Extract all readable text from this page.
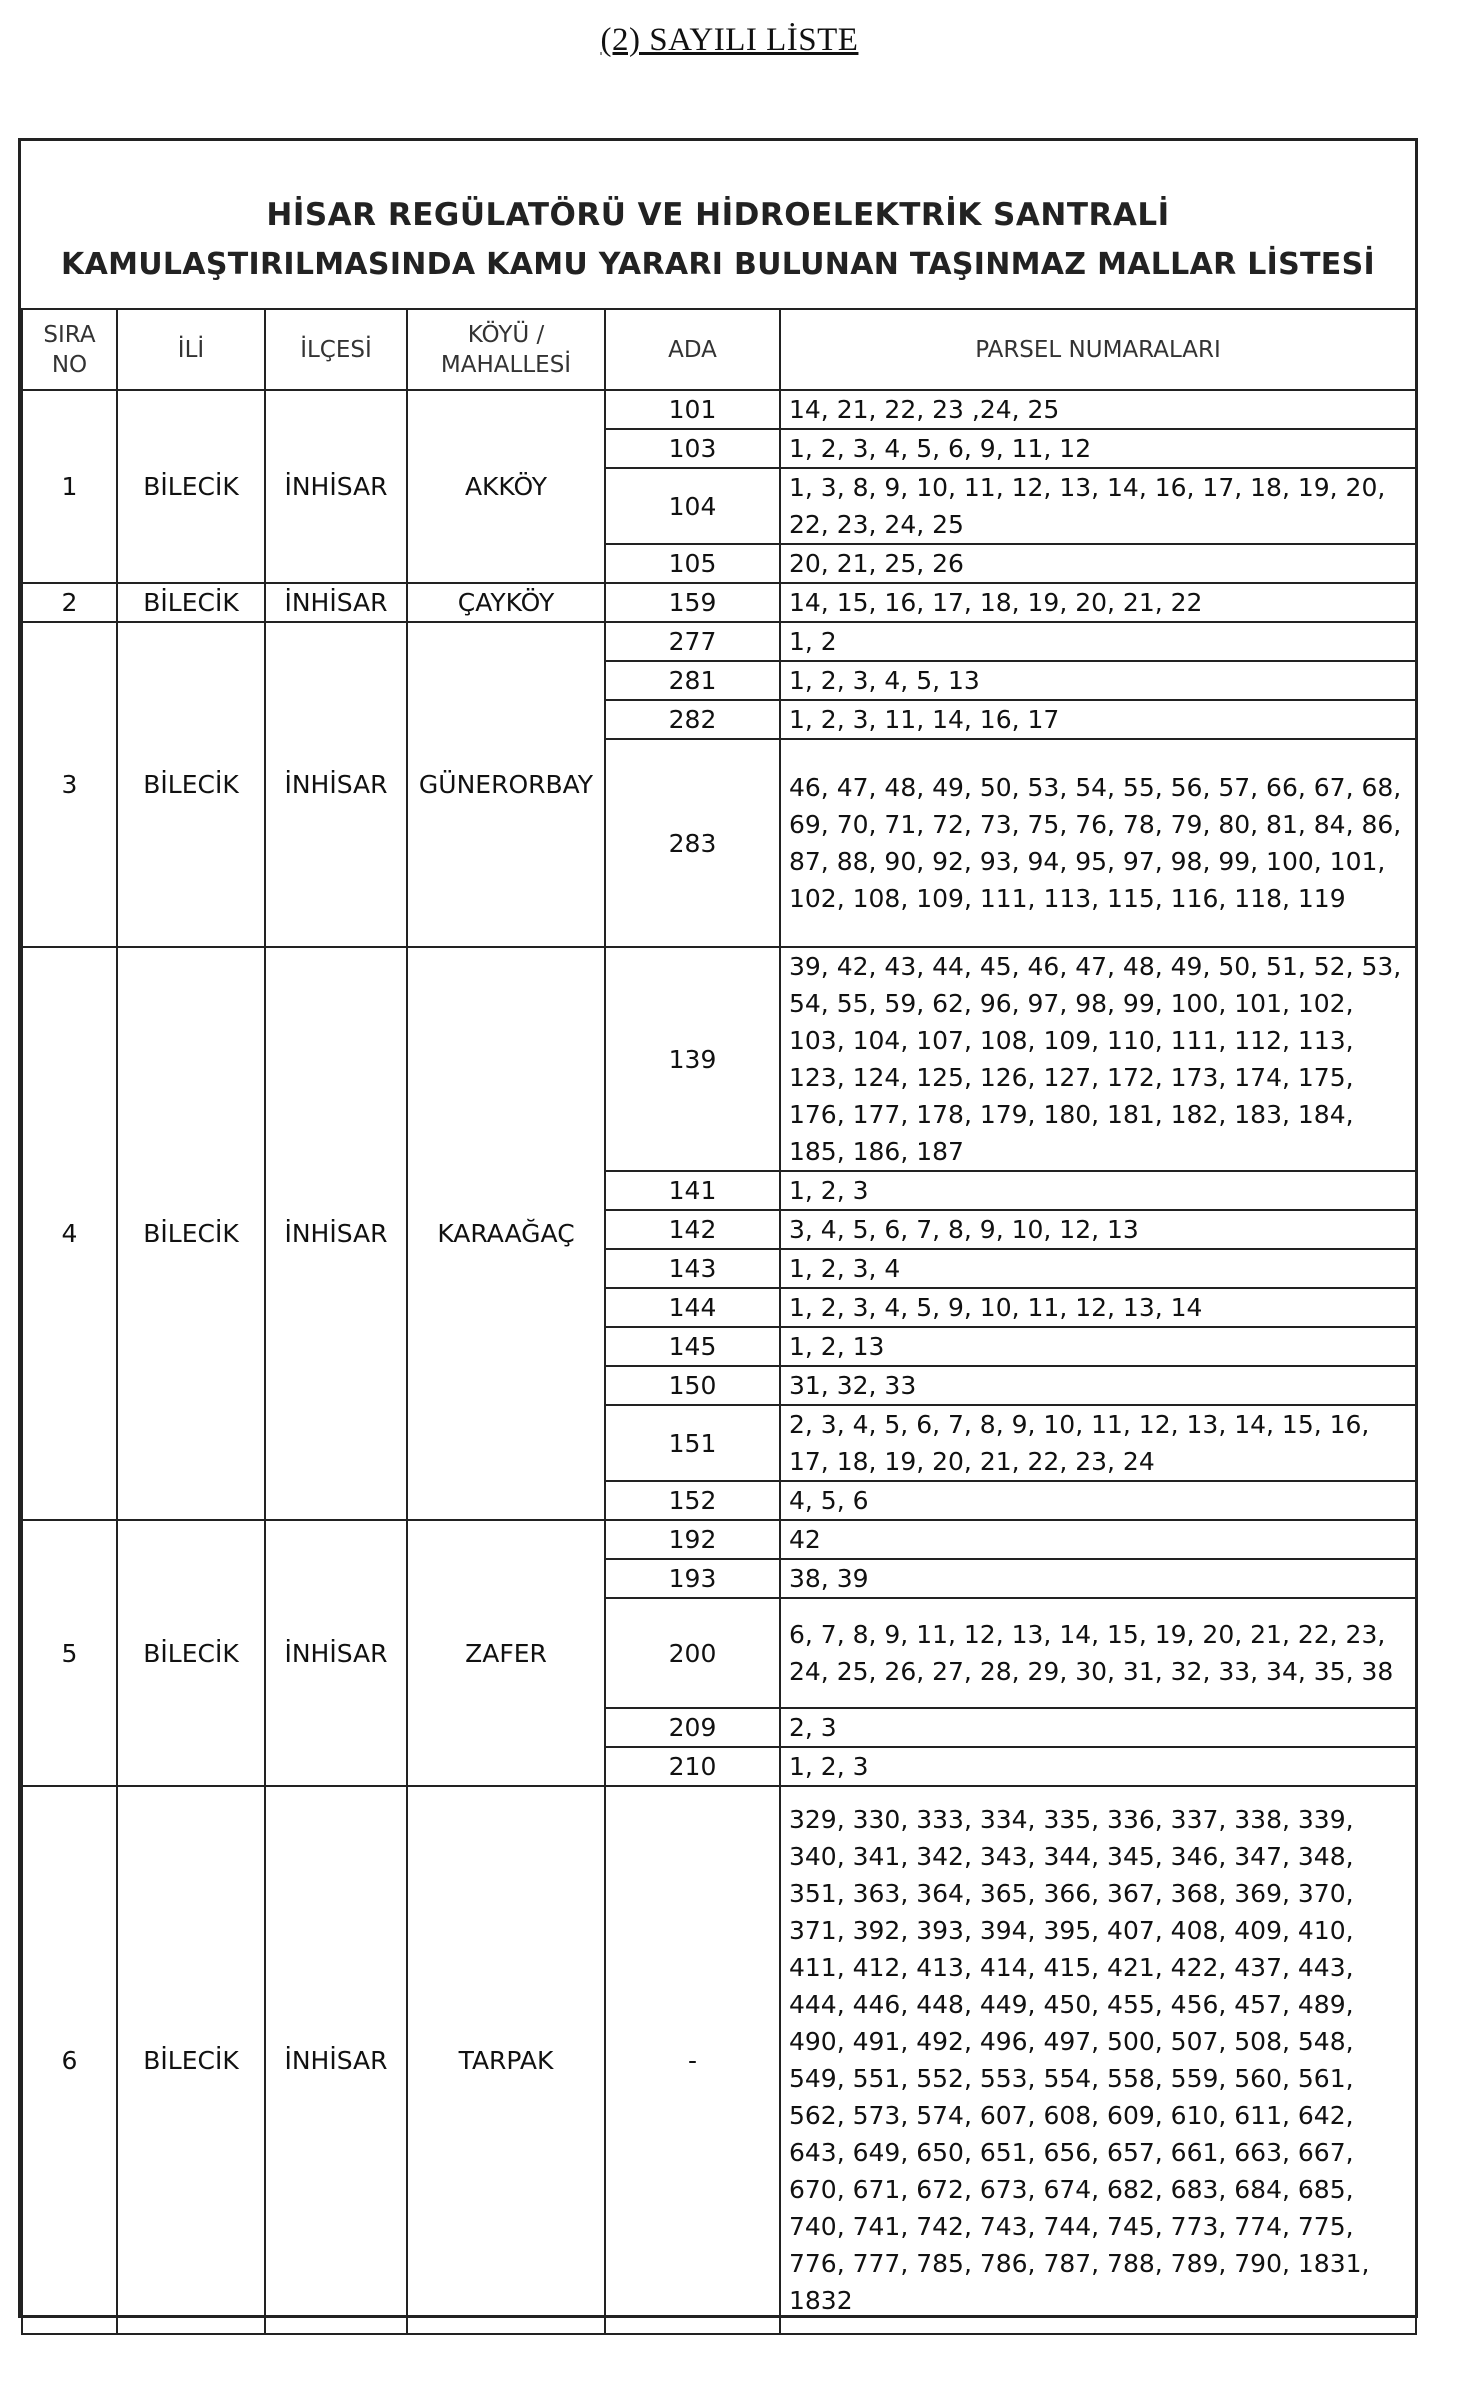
(2) SAYILI LİSTE
HİSAR REGÜLATÖRÜ VE HİDROELEKTRİK SANTRALİ
KAMULAŞTIRILMASINDA KAMU YARARI BULUNAN TAŞINMAZ MALLAR LİSTESİ
SIRA NO	İLİ	İLÇESİ	KÖYÜ / MAHALLESİ	ADA	PARSEL NUMARALARI
1	BİLECİK	İNHİSAR	AKKÖY	101	14, 21, 22, 23 ,24, 25
				103	1, 2, 3, 4, 5, 6, 9, 11, 12
				104	1, 3, 8, 9, 10, 11, 12, 13, 14, 16, 17, 18, 19, 20, 22, 23, 24, 25
				105	20, 21, 25, 26
2	BİLECİK	İNHİSAR	ÇAYKÖY	159	14, 15, 16, 17, 18, 19, 20, 21, 22
3	BİLECİK	İNHİSAR	GÜNERORBAY	277	1, 2
				281	1, 2, 3, 4, 5, 13
				282	1, 2, 3, 11, 14, 16, 17
				283	46, 47, 48, 49, 50, 53, 54, 55, 56, 57, 66, 67, 68, 69, 70, 71, 72, 73, 75, 76, 78, 79, 80, 81, 84, 86, 87, 88, 90, 92, 93, 94, 95, 97, 98, 99, 100, 101, 102, 108, 109, 111, 113, 115, 116, 118, 119
4	BİLECİK	İNHİSAR	KARAAĞAÇ	139	39, 42, 43, 44, 45, 46, 47, 48, 49, 50, 51, 52, 53, 54, 55, 59, 62, 96, 97, 98, 99, 100, 101, 102, 103, 104, 107, 108, 109, 110, 111, 112, 113, 123, 124, 125, 126, 127, 172, 173, 174, 175, 176, 177, 178, 179, 180, 181, 182, 183, 184, 185, 186, 187
				141	1, 2, 3
				142	3, 4, 5, 6, 7, 8, 9, 10, 12, 13
				143	1, 2, 3, 4
				144	1, 2, 3, 4, 5, 9, 10, 11, 12, 13, 14
				145	1, 2, 13
				150	31, 32, 33
				151	2, 3, 4, 5, 6, 7, 8, 9, 10, 11, 12, 13, 14, 15, 16, 17, 18, 19, 20, 21, 22, 23, 24
				152	4, 5, 6
5	BİLECİK	İNHİSAR	ZAFER	192	42
				193	38, 39
				200	6, 7, 8, 9, 11, 12, 13, 14, 15, 19, 20, 21, 22, 23, 24, 25, 26, 27, 28, 29, 30, 31, 32, 33, 34, 35, 38
				209	2, 3
				210	1, 2, 3
6	BİLECİK	İNHİSAR	TARPAK	-	329, 330, 333, 334, 335, 336, 337, 338, 339, 340, 341, 342, 343, 344, 345, 346, 347, 348, 351, 363, 364, 365, 366, 367, 368, 369, 370, 371, 392, 393, 394, 395, 407, 408, 409, 410, 411, 412, 413, 414, 415, 421, 422, 437, 443, 444, 446, 448, 449, 450, 455, 456, 457, 489, 490, 491, 492, 496, 497, 500, 507, 508, 548, 549, 551, 552, 553, 554, 558, 559, 560, 561, 562, 573, 574, 607, 608, 609, 610, 611, 642, 643, 649, 650, 651, 656, 657, 661, 663, 667, 670, 671, 672, 673, 674, 682, 683, 684, 685, 740, 741, 742, 743, 744, 745, 773, 774, 775, 776, 777, 785, 786, 787, 788, 789, 790, 1831, 1832
